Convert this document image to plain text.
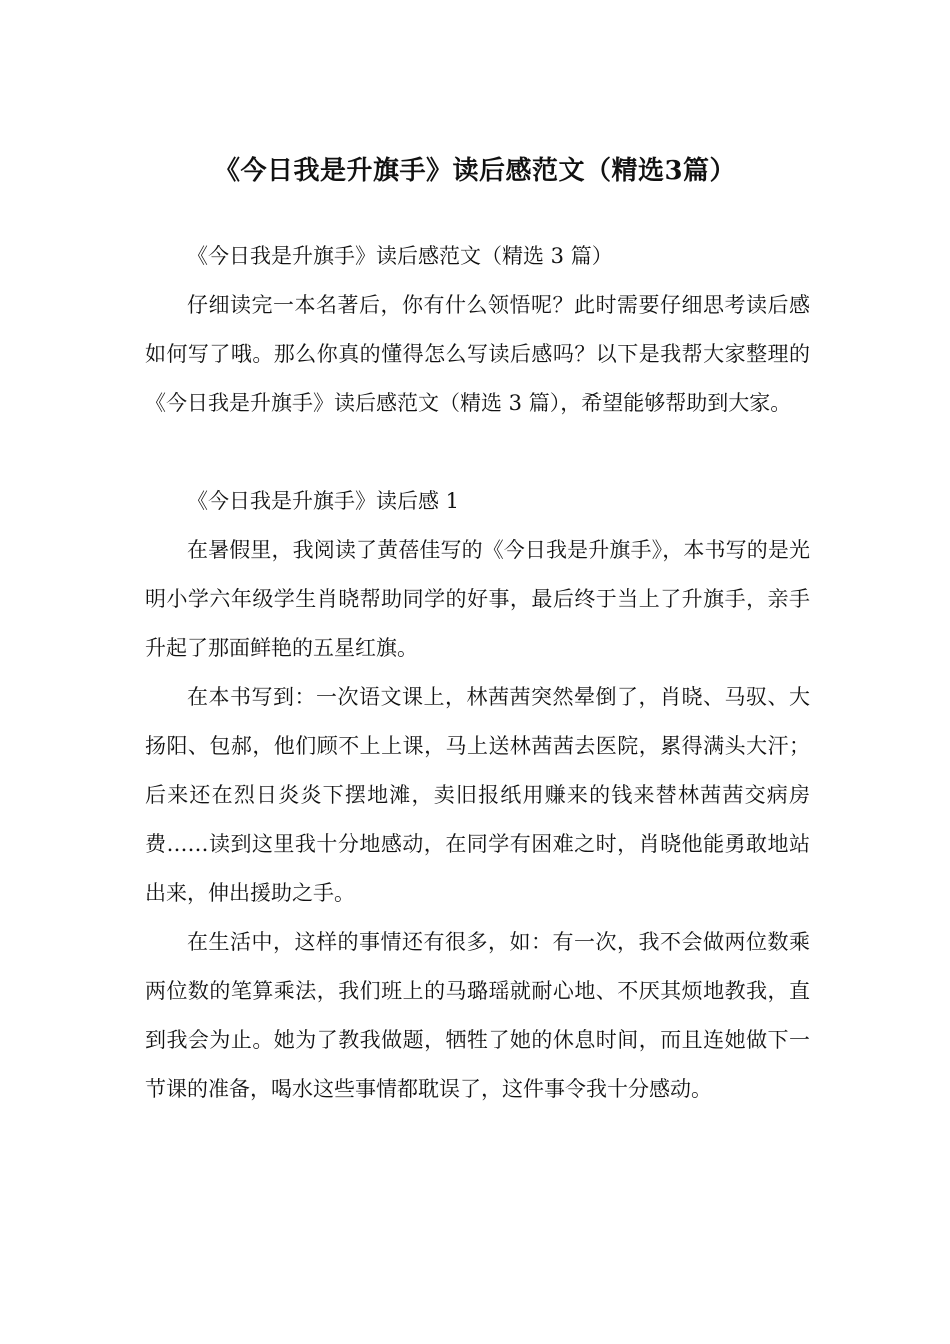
《今日我是升旗手》读后感范文（精选3篇）

《今日我是升旗手》读后感范文（精选 3 篇）

仔细读完一本名著后，你有什么领悟呢？此时需要仔细思考读后感如何写了哦。那么你真的懂得怎么写读后感吗？以下是我帮大家整理的《今日我是升旗手》读后感范文（精选 3 篇），希望能够帮助到大家。

《今日我是升旗手》读后感 1

在暑假里，我阅读了黄蓓佳写的《今日我是升旗手》，本书写的是光明小学六年级学生肖晓帮助同学的好事，最后终于当上了升旗手，亲手升起了那面鲜艳的五星红旗。

在本书写到：一次语文课上，林茜茜突然晕倒了，肖晓、马驭、大扬阳、包郝，他们顾不上上课，马上送林茜茜去医院，累得满头大汗；后来还在烈日炎炎下摆地滩，卖旧报纸用赚来的钱来替林茜茜交病房费……读到这里我十分地感动，在同学有困难之时，肖晓他能勇敢地站出来，伸出援助之手。

在生活中，这样的事情还有很多，如：有一次，我不会做两位数乘两位数的笔算乘法，我们班上的马璐瑶就耐心地、不厌其烦地教我，直到我会为止。她为了教我做题，牺牲了她的休息时间，而且连她做下一节课的准备，喝水这些事情都耽误了，这件事令我十分感动。
